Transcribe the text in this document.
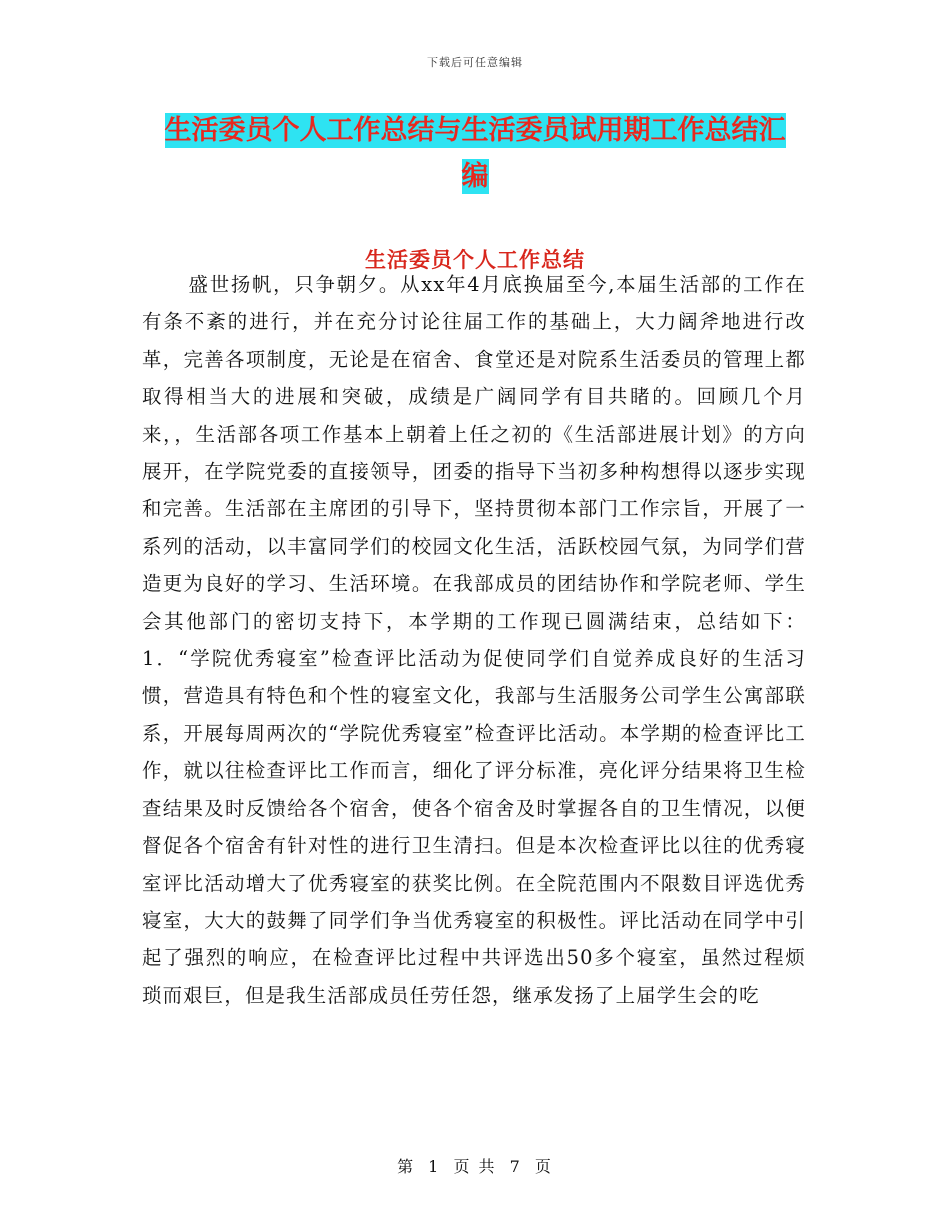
下载后可任意编辑
生活委员个人工作总结与生活委员试用期工作总结汇
编
生活委员个人工作总结

盛世扬帆，只争朝夕。从xx年4月底换届至今,本届生活部的工作在有条不紊的进行，并在充分讨论往届工作的基础上，大力阔斧地进行改革，完善各项制度，无论是在宿舍、食堂还是对院系生活委员的管理上都取得相当大的进展和突破，成绩是广阔同学有目共睹的。回顾几个月来，，生活部各项工作基本上朝着上任之初的《生活部进展计划》的方向展开，在学院党委的直接领导，团委的指导下当初多种构想得以逐步实现和完善。生活部在主席团的引导下，坚持贯彻本部门工作宗旨，开展了一系列的活动，以丰富同学们的校园文化生活，活跃校园气氛，为同学们营造更为良好的学习、生活环境。在我部成员的团结协作和学院老师、学生会其他部门的密切支持下，本学期的工作现已圆满结束，总结如下：1．“学院优秀寝室”检查评比活动为促使同学们自觉养成良好的生活习惯，营造具有特色和个性的寝室文化，我部与生活服务公司学生公寓部联系，开展每周两次的“学院优秀寝室”检查评比活动。本学期的检查评比工作，就以往检查评比工作而言，细化了评分标准，亮化评分结果将卫生检查结果及时反馈给各个宿舍，使各个宿舍及时掌握各自的卫生情况，以便督促各个宿舍有针对性的进行卫生清扫。但是本次检查评比以往的优秀寝室评比活动增大了优秀寝室的获奖比例。在全院范围内不限数目评选优秀寝室，大大的鼓舞了同学们争当优秀寝室的积极性。评比活动在同学中引起了强烈的响应，在检查评比过程中共评选出50多个寝室，虽然过程烦琐而艰巨，但是我生活部成员任劳任怨，继承发扬了上届学生会的吃

第 1 页 共 7 页
